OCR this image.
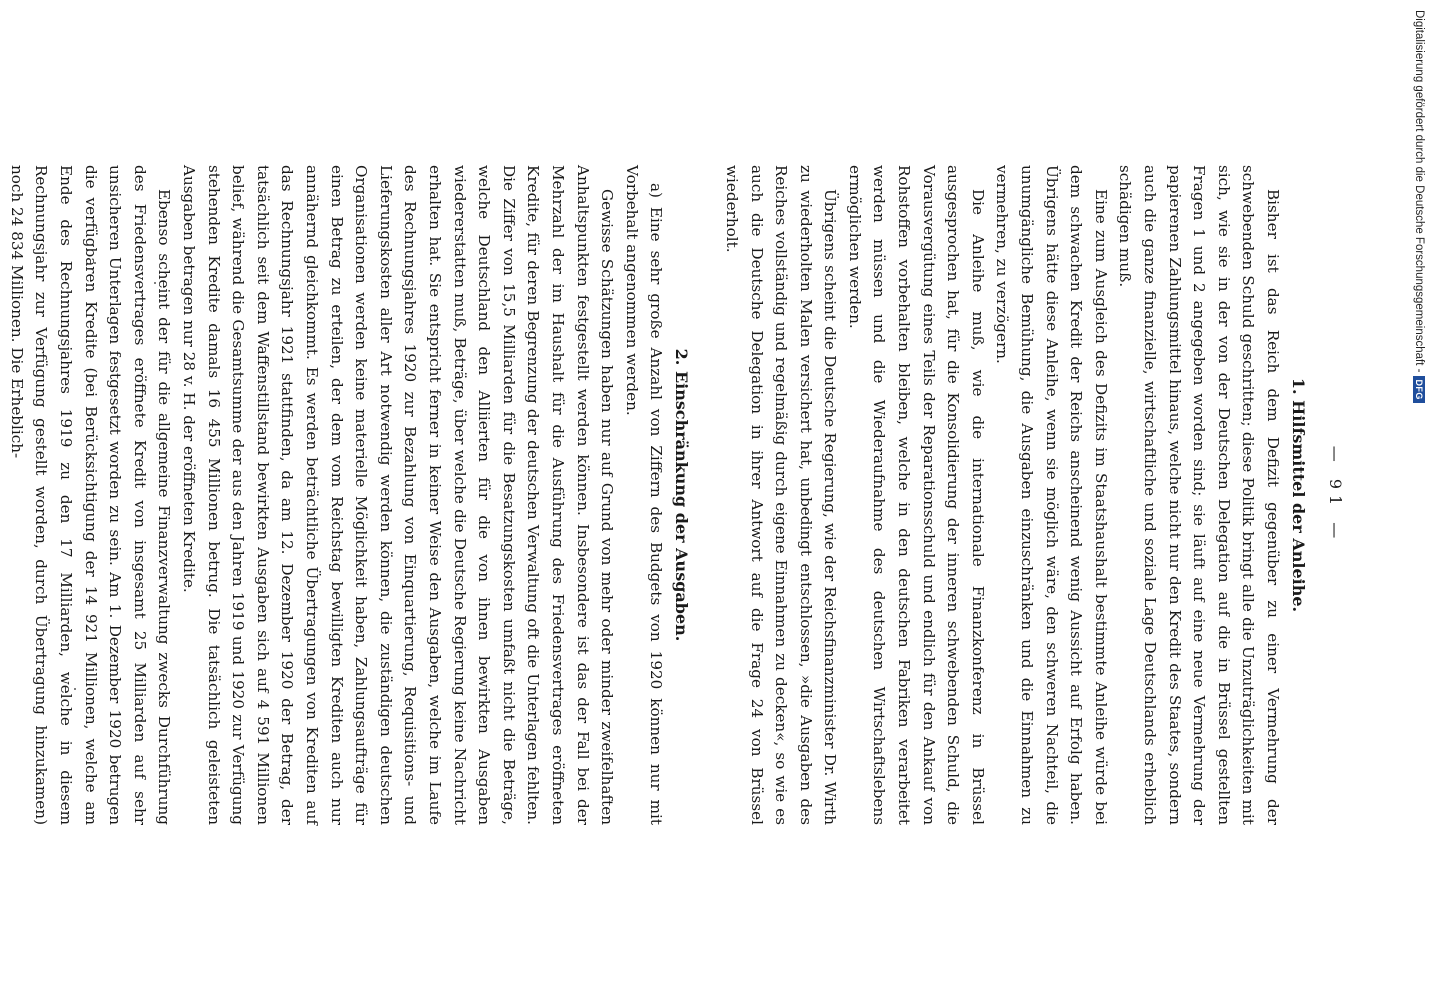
— 91 —
1. Hilfsmittel der Anleihe.

Bisher ist das Reich dem Defizit gegenüber zu einer Vermehrung der schwebenden Schuld geschritten; diese Politik bringt alle die Unzuträglichkeiten mit sich, wie sie in der von der Deutschen Delegation auf die in Brüssel gestellten Fragen 1 und 2 angegeben worden sind; sie läuft auf eine neue Vermehrung der papierenen Zahlungsmittel hinaus, welche nicht nur den Kredit des Staates, sondern auch die ganze finanzielle, wirtschaftliche und soziale Lage Deutschlands erheblich schädigen muß.

Eine zum Ausgleich des Defizits im Staatshaushalt bestimmte Anleihe würde bei dem schwachen Kredit der Reichs anscheinend wenig Aussicht auf Erfolg haben. Übrigens hätte diese Anleihe, wenn sie möglich wäre, den schweren Nachteil, die unumgängliche Bemühung, die Ausgaben einzuschränken und die Einnahmen zu vermehren, zu verzögern.

Die Anleihe muß, wie die internationale Finanzkonferenz in Brüssel ausgesprochen hat, für die Konsolidierung der inneren schwebenden Schuld, die Vorausvergütung eines Teils der Reparationsschuld und endlich für den Ankauf von Rohstoffen vorbehalten bleiben, welche in den deutschen Fabriken verarbeitet werden müssen und die Wiederaufnahme des deutschen Wirtschaftslebens ermöglichen werden.

Übrigens scheint die Deutsche Regierung, wie der Reichsfinanzminister Dr. Wirth zu wiederholten Malen versichert hat, unbedingt entschlossen, »die Ausgaben des Reiches vollständig und regelmäßig durch eigene Einnahmen zu decken«, so wie es auch die Deutsche Delegation in ihrer Antwort auf die Frage 24 von Brüssel wiederholt.

2. Einschränkung der Ausgaben.

a) Eine sehr große Anzahl von Ziffern des Budgets von 1920 können nur mit Vorbehalt angenommen werden.

Gewisse Schätzungen haben nur auf Grund von mehr oder minder zweifelhaften Anhaltspunkten festgestellt werden können. Insbesondere ist das der Fall bei der Mehrzahl der im Haushalt für die Ausführung des Friedensvertrages eröffneten Kredite, für deren Begrenzung der deutschen Verwaltung oft die Unterlagen fehlten. Die Ziffer von 15,5 Milliarden für die Besatzungskosten umfaßt nicht die Beträge, welche Deutschland den Alliierten für die von ihnen bewirkten Ausgaben wiedererstatten muß, Beträge, über welche die Deutsche Regierung keine Nachricht erhalten hat. Sie entspricht ferner in keiner Weise den Ausgaben, welche im Laufe des Rechnungsjahres 1920 zur Bezahlung von Einquartierung, Requisitions- und Lieferungskosten aller Art notwendig werden können, die zuständigen deutschen Organisationen werden keine materielle Möglichkeit haben, Zahlungsaufträge für einen Betrag zu erteilen, der dem vom Reichstag bewilligten Krediten auch nur annähernd gleichkommt. Es werden beträchtliche Übertragungen von Krediten auf das Rechnungsjahr 1921 stattfinden, da am 12. Dezember 1920 der Betrag, der tatsächlich seit dem Waffenstillstand bewirkten Ausgaben sich auf 4 591 Millionen belief, während die Gesamtsumme der aus den Jahren 1919 und 1920 zur Verfügung stehenden Kredite damals 16 455 Millionen betrug. Die tatsächlich geleisteten Ausgaben betragen nur 28 v. H. der eröffneten Kredite.

Ebenso scheint der für die allgemeine Finanzverwaltung zwecks Durchführung des Friedensvertrages eröffnete Kredit von insgesamt 25 Milliarden auf sehr unsicheren Unterlagen festgesetzt worden zu sein. Am 1. Dezember 1920 betrugen die verfügbaren Kredite (bei Berücksichtigung der 14 921 Millionen, welche am Ende des Rechnungsjahres 1919 zu den 17 Milliarden, welche in diesem Rechnungsjahr zur Verfügung gestellt worden, durch Übertragung hinzukamen) noch 24 834 Millionen. Die Erheblich-	Digitalisierung gefördert durch die Deutsche Forschungsgemeinschaft -
DFG
